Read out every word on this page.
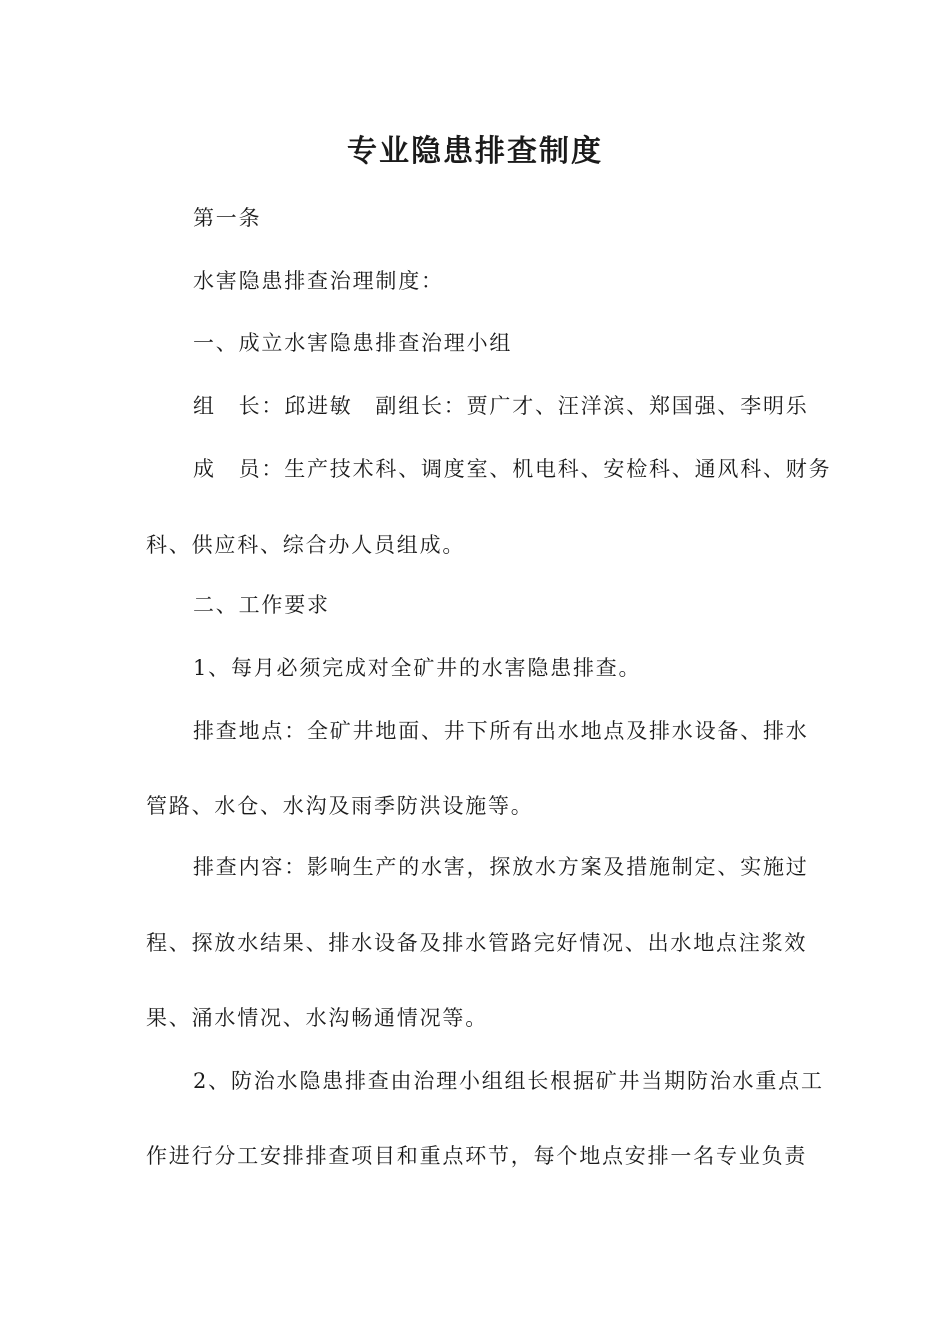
专业隐患排查制度
第一条
水害隐患排查治理制度：
一、成立水害隐患排查治理小组
组　长：邱进敏　副组长：贾广才、汪洋滨、郑国强、李明乐
成　员：生产技术科、调度室、机电科、安检科、通风科、财务
科、供应科、综合办人员组成。
二、工作要求
1、每月必须完成对全矿井的水害隐患排查。
排查地点：全矿井地面、井下所有出水地点及排水设备、排水
管路、水仓、水沟及雨季防洪设施等。
排查内容：影响生产的水害，探放水方案及措施制定、实施过
程、探放水结果、排水设备及排水管路完好情况、出水地点注浆效
果、涌水情况、水沟畅通情况等。
2、防治水隐患排查由治理小组组长根据矿井当期防治水重点工
作进行分工安排排查项目和重点环节，每个地点安排一名专业负责
